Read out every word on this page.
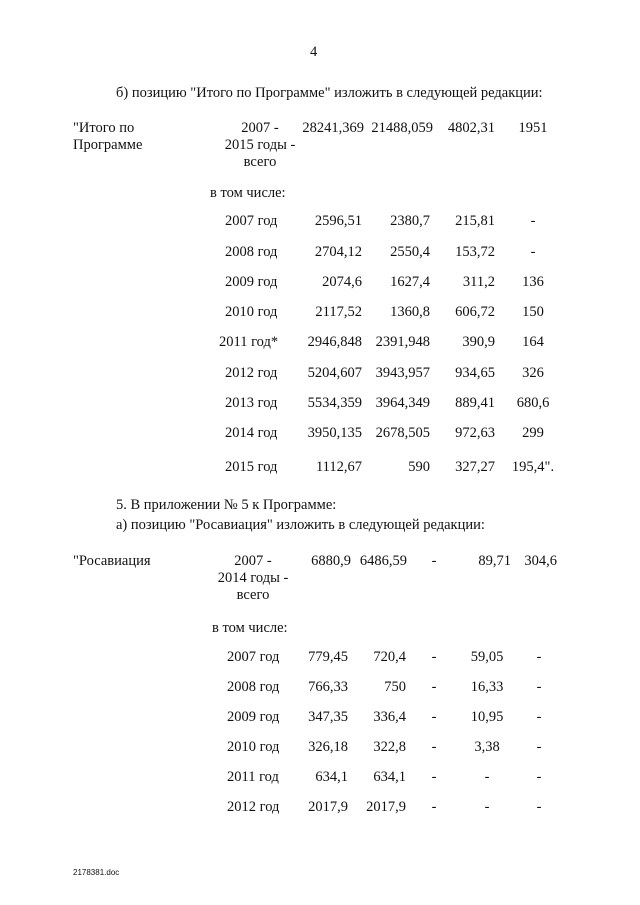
4
б) позицию "Итого по Программе" изложить в следующей редакции:
"Итого по
Программе
2007 -
2015 годы -
всего
28241,369 21488,059 4802,31	1951
в том числе:
2007 год	2596,51 2380,7 215,81	-
2008 год	2704,12 2550,4 153,72	-
2009 год	2074,6 1627,4 311,2	136
2010 год	2117,52 1360,8 606,72	150
2011 год* 2946,848 2391,948 390,9	164
2012 год 5204,607 3943,957 934,65	326
2013 год 5534,359 3964,349 889,41	680,6
2014 год 3950,135 2678,505 972,63	299
2015 год	1112,67	590 327,27 195,4".
5. В приложении № 5 к Программе:
а) позицию "Росавиация" изложить в следующей редакции:
"Росавиация	2007 -
2014 годы -
всего
6880,9 6486,59	-	89,71 304,6
в том числе:
2007 год 779,45 720,4	-	59,05	-
2008 год 766,33	750	-	16,33	-
2009 год 347,35 336,4	-	10,95	-
2010 год 326,18 322,8	-	3,38	-
2011 год	634,1 634,1	-	-	-
2012 год 2017,9 2017,9	-	-	-
2178381.doc
